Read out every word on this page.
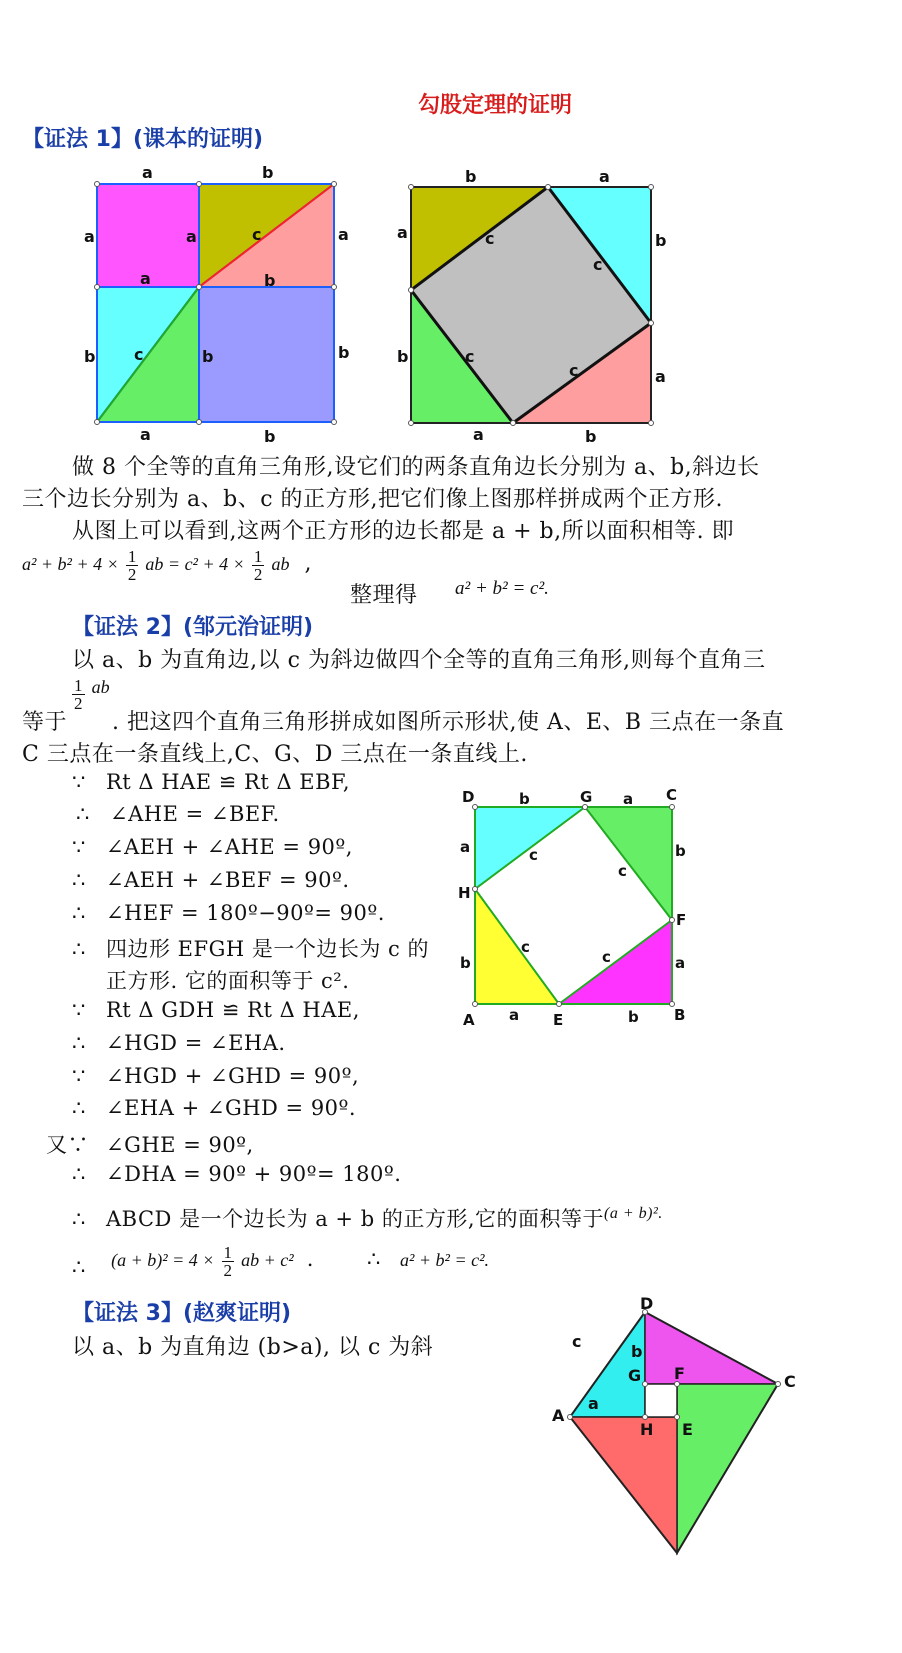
勾股定理的证明
【证法 1】(课本的证明)
a	b
a	a	c	a
a	b
b c	b	b
a	b
b	a
a	c
c
b
b	c
c	a
a	b
做 8 个全等的直角三角形,设它们的两条直角边长分别为 a、b,斜边长
三个边长分别为 a、b、c 的正方形,把它们像上图那样拼成两个正方形.
从图上可以看到,这两个正方形的边长都是 a + b,所以面积相等. 即
$a^2 + b^2 + 4 \times \frac{1}{2}$ ab = $c^2 + 4 \times \frac{1}{2}$ ab ,
整理得 a² + b² = c².
【证法 2】(邹元治证明)
以 a、b 为直角边,以 c 为斜边做四个全等的直角三角形,则每个直角三
$\frac{1}{2}$ ab
等于 . 把这四个直角三角形拼成如图所示形状,使 A、E、B 三点在一条直
C 三点在一条直线上,C、G、D 三点在一条直线上.
∵ Rt Δ HAE ≌ Rt Δ EBF,
∴ ∠AHE = ∠BEF.
∵ ∠AEH + ∠AHE = 90º,
∴ ∠AEH + ∠BEF = 90º.
∴ ∠HEF = 180º−90º= 90º.
∴ 四边形 EFGH 是一个边长为 c 的
正方形. 它的面积等于 c².
∵ Rt Δ GDH ≌ Rt Δ HAE,
∴ ∠HGD = ∠EHA.
∵ ∠HGD + ∠GHD = 90º,
∴ ∠EHA + ∠GHD = 90º.
又∵ ∠GHE = 90º,
∴ ∠DHA = 90º + 90º= 180º.
∴ ABCD 是一个边长为 a + b 的正方形,它的面积等于$^{(a + b)^2.}$
∴ $(a + b)^2 = 4 \times \frac{1}{2}$ ab + c² .	∴ a² + b² = c².
D	b	G a C
a	c
c
b
H
F
c
c
b	a
A a E	b B
【证法 3】(赵爽证明)
以 a、b 为直角边 (b>a), 以 c 为斜
D
C
A
c
b
G F
a
H E
